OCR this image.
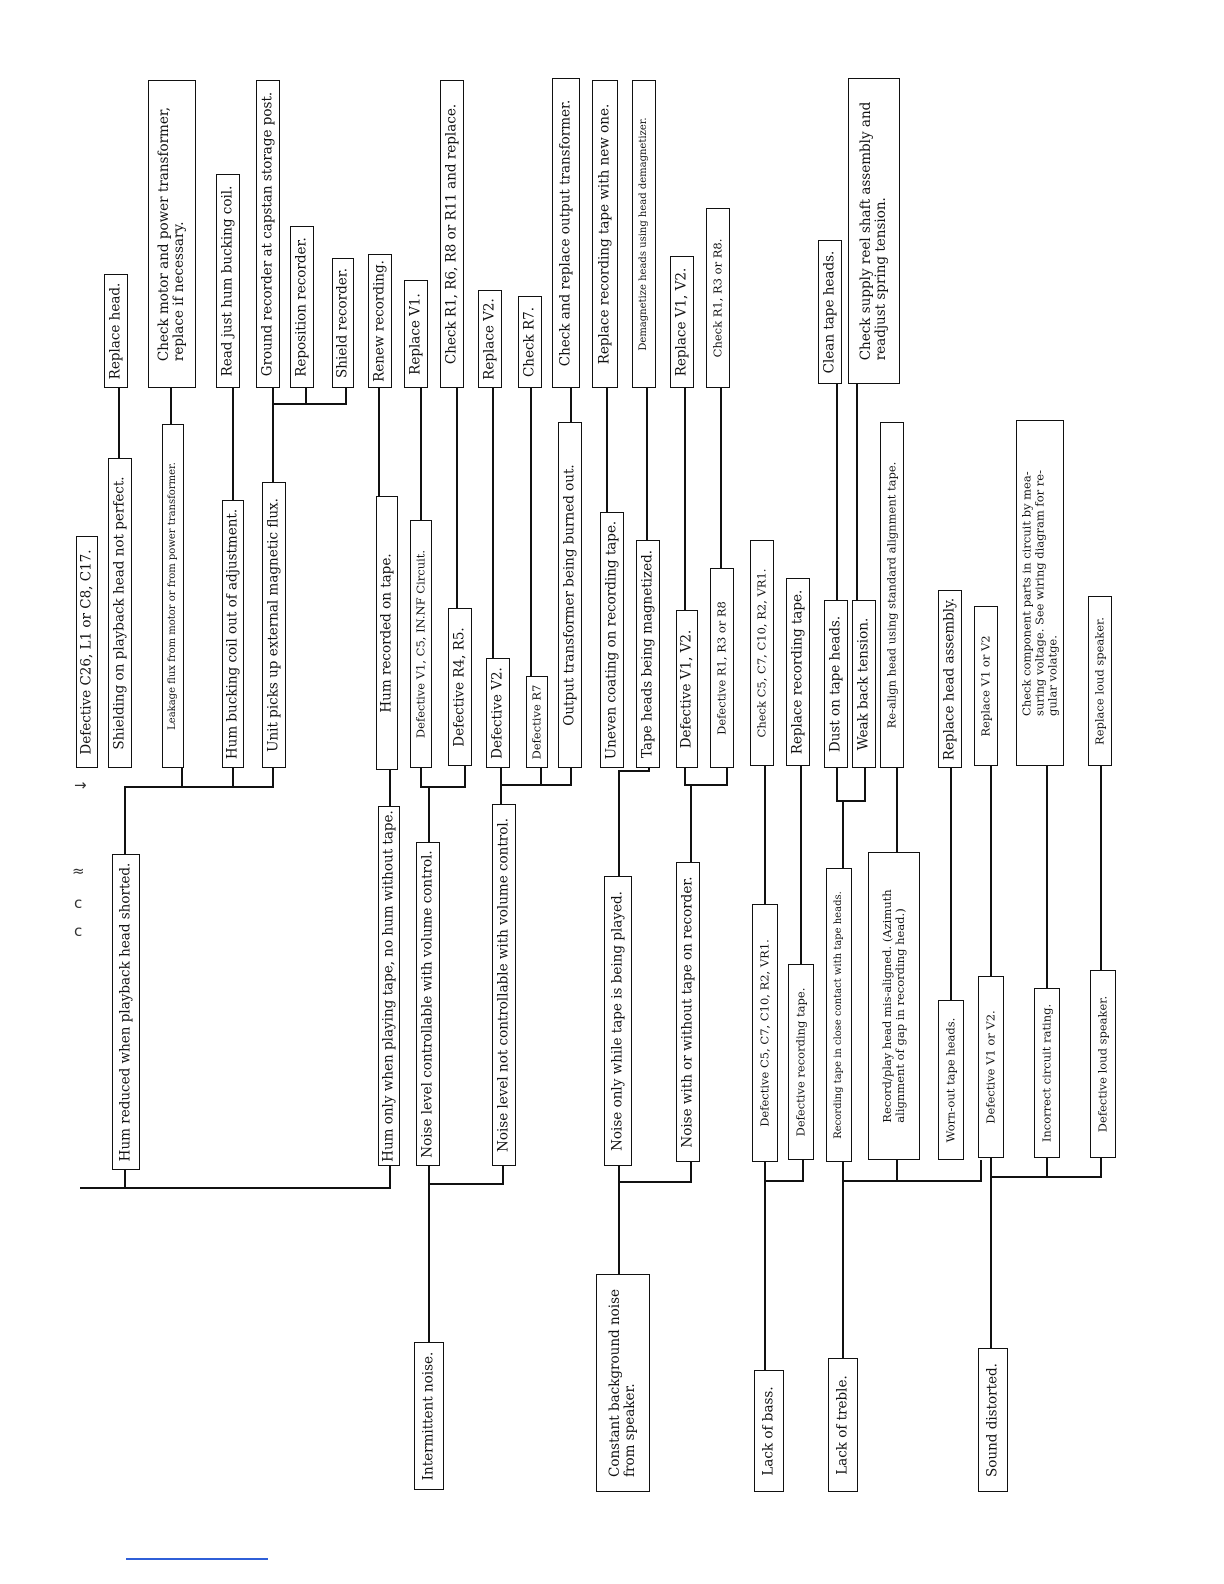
→
≈
c
c
Intermittent noise.	Constant background noise
from speaker.	Lack of bass.	Lack of treble.	Sound distorted.
Defective C26, L1 or C8, C17.
Hum reduced when playback head shorted.
Shielding on playback head not perfect.	Leakage flux from motor or from power transformer.	Hum bucking coil out of adjustment. Unit picks up external magnetic flux.
Hum only when playing tape, no hum without tape.
Hum recorded on tape.
Noise level controllable with volume control.
Defective V1, C5, IN.NF Circuit. Defective R4, R5.
Noise level not controllable with volume control.
Defective V2. Defective R7 Output transformer being burned out.
Noise only while tape is being played.
Uneven coating on recording tape. Tape heads being magnetized.
Noise with or without tape on recorder.
Defective V1, V2. Defective R1, R3 or R8
Defective C5, C7, C10, R2, VR1.
Check C5, C7, C10, R2, VR1.
Defective recording tape.
Replace recording tape.
Recording tape in close contact with tape heads.
Dust on tape heads. Weak back tension.
Record/play head mis-aligned. (Azimuth
alignment of gap in recording head.)
Re-align head using standard alignment tape.
Worn-out tape heads.
Replace head assembly.
Defective V1 or V2.
Replace V1 or V2
Incorrect circuit rating.
Check component parts in circuit by mea-
suring voltage. See wiring diagram for re-
gular volatge.
Defective loud speaker.
Replace loud speaker.
Replace head. Check motor and power transformer,
replace if necessary. Read just hum bucking coil. Ground recorder at capstan storage post. Reposition recorder. Shield recorder. Renew recording. Replace V1. Check R1, R6, R8 or R11 and replace. Replace V2. Check R7. Check and replace output transformer. Replace recording tape with new one.	Demagnetize heads using head demagnetizer. Replace V1, V2. Check R1, R3 or R8.	Clean tape heads. Check supply reel shaft assembly and
readjust spring tension.
